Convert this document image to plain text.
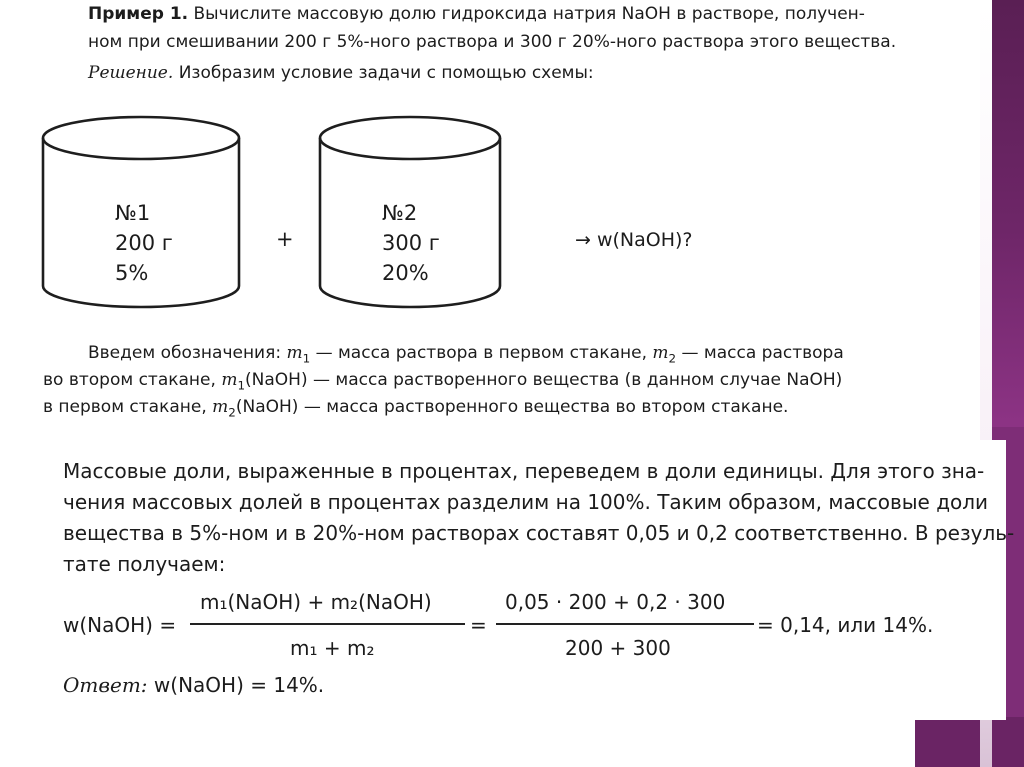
Пример 1. Вычислите массовую долю гидроксида натрия NaOH в растворе, получен-
ном при смешивании 200 г 5%-ного раствора и 300 г 20%-ного раствора этого вещества.
Решение. Изобразим условие задачи с помощью схемы:
№1
200 г
5%
+
№2
300 г
20%
→ w(NaOH)?
Введем обозначения: $m_1$ — масса раствора в первом стакане, $m_2$ — масса раствора
во втором стакане, $m_1(NaOH)$ — масса растворенного вещества (в данном случае NaOH)
в первом стакане, $m_2(NaOH)$ — масса растворенного вещества во втором стакане.
Массовые доли, выраженные в процентах, переведем в доли единицы. Для этого зна-
чения массовых долей в процентах разделим на 100%. Таким образом, массовые доли
вещества в 5%-ном и в 20%-ном растворах составят 0,05 и 0,2 соответственно. В резуль-
тате получаем:
w(NaOH) =
m₁(NaOH) + m₂(NaOH)
m₁ + m₂
=
0,05 · 200 + 0,2 · 300
200 + 300
= 0,14, или 14%.
Ответ: w(NaOH) = 14%.
